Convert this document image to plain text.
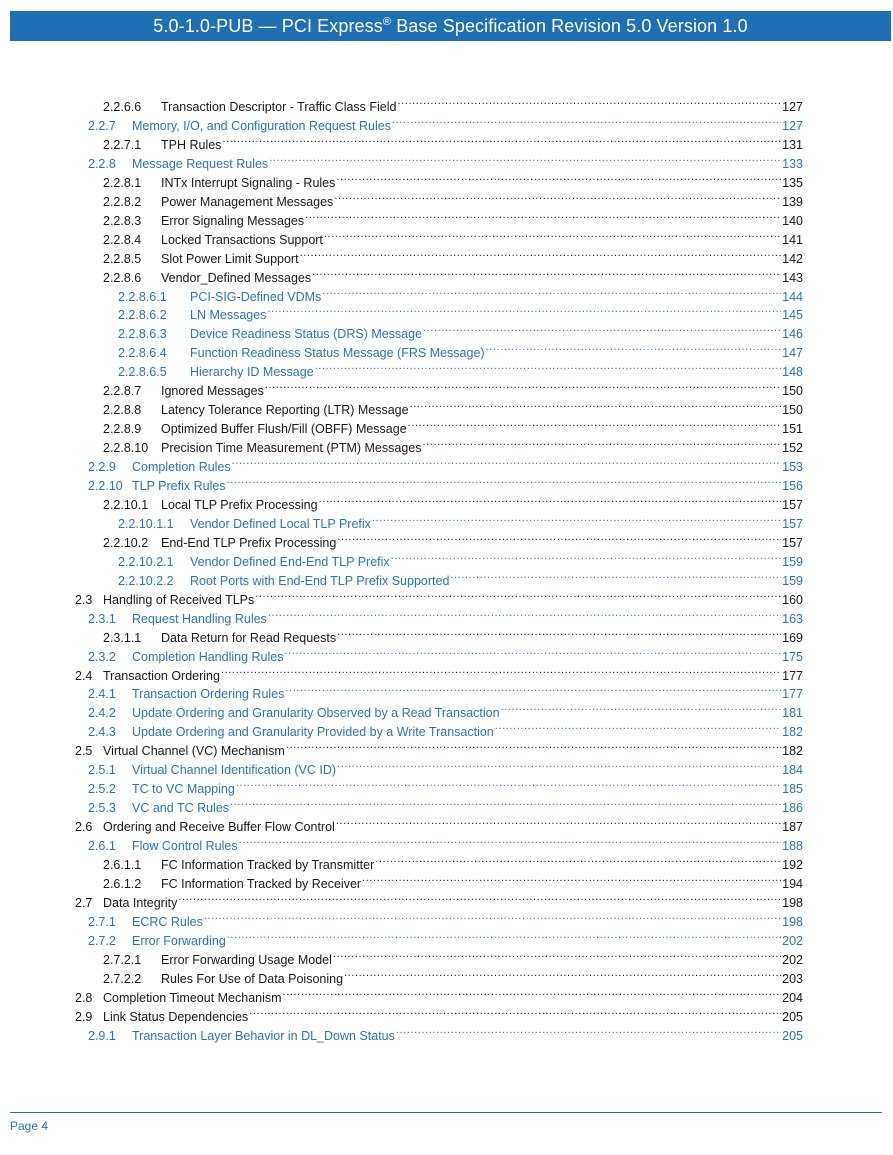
5.0-1.0-PUB — PCI Express® Base Specification Revision 5.0 Version 1.0
2.2.6.6	Transaction Descriptor - Traffic Class Field .....	127
2.2.7	Memory, I/O, and Configuration Request Rules .....	127
2.2.7.1	TPH Rules .....	131
2.2.8	Message Request Rules .....	133
2.2.8.1	INTx Interrupt Signaling - Rules .....	135
2.2.8.2	Power Management Messages .....	139
2.2.8.3	Error Signaling Messages .....	140
2.2.8.4	Locked Transactions Support .....	141
2.2.8.5	Slot Power Limit Support .....	142
2.2.8.6	Vendor_Defined Messages .....	143
2.2.8.6.1	PCI-SIG-Defined VDMs .....	144
2.2.8.6.2	LN Messages .....	145
2.2.8.6.3	Device Readiness Status (DRS) Message .....	146
2.2.8.6.4	Function Readiness Status Message (FRS Message) .....	147
2.2.8.6.5	Hierarchy ID Message .....	148
2.2.8.7	Ignored Messages .....	150
2.2.8.8	Latency Tolerance Reporting (LTR) Message .....	150
2.2.8.9	Optimized Buffer Flush/Fill (OBFF) Message .....	151
2.2.8.10	Precision Time Measurement (PTM) Messages .....	152
2.2.9	Completion Rules .....	153
2.2.10 TLP Prefix Rules .....	156
2.2.10.1	Local TLP Prefix Processing .....	157
2.2.10.1.1	Vendor Defined Local TLP Prefix .....	157
2.2.10.2	End-End TLP Prefix Processing .....	157
2.2.10.2.1	Vendor Defined End-End TLP Prefix .....	159
2.2.10.2.2	Root Ports with End-End TLP Prefix Supported .....	159
2.3 Handling of Received TLPs .....	160
2.3.1	Request Handling Rules .....	163
2.3.1.1	Data Return for Read Requests .....	169
2.3.2	Completion Handling Rules .....	175
2.4 Transaction Ordering .....	177
2.4.1	Transaction Ordering Rules .....	177
2.4.2	Update Ordering and Granularity Observed by a Read Transaction .....	181
2.4.3	Update Ordering and Granularity Provided by a Write Transaction .....	182
2.5 Virtual Channel (VC) Mechanism .....	182
2.5.1	Virtual Channel Identification (VC ID) .....	184
2.5.2	TC to VC Mapping .....	185
2.5.3	VC and TC Rules .....	186
2.6 Ordering and Receive Buffer Flow Control .....	187
2.6.1	Flow Control Rules .....	188
2.6.1.1	FC Information Tracked by Transmitter .....	192
2.6.1.2	FC Information Tracked by Receiver .....	194
2.7 Data Integrity .....	198
2.7.1	ECRC Rules .....	198
2.7.2	Error Forwarding .....	202
2.7.2.1	Error Forwarding Usage Model .....	202
2.7.2.2	Rules For Use of Data Poisoning .....	203
2.8 Completion Timeout Mechanism .....	204
2.9 Link Status Dependencies .....	205
2.9.1	Transaction Layer Behavior in DL_Down Status .....	205
Page 4
